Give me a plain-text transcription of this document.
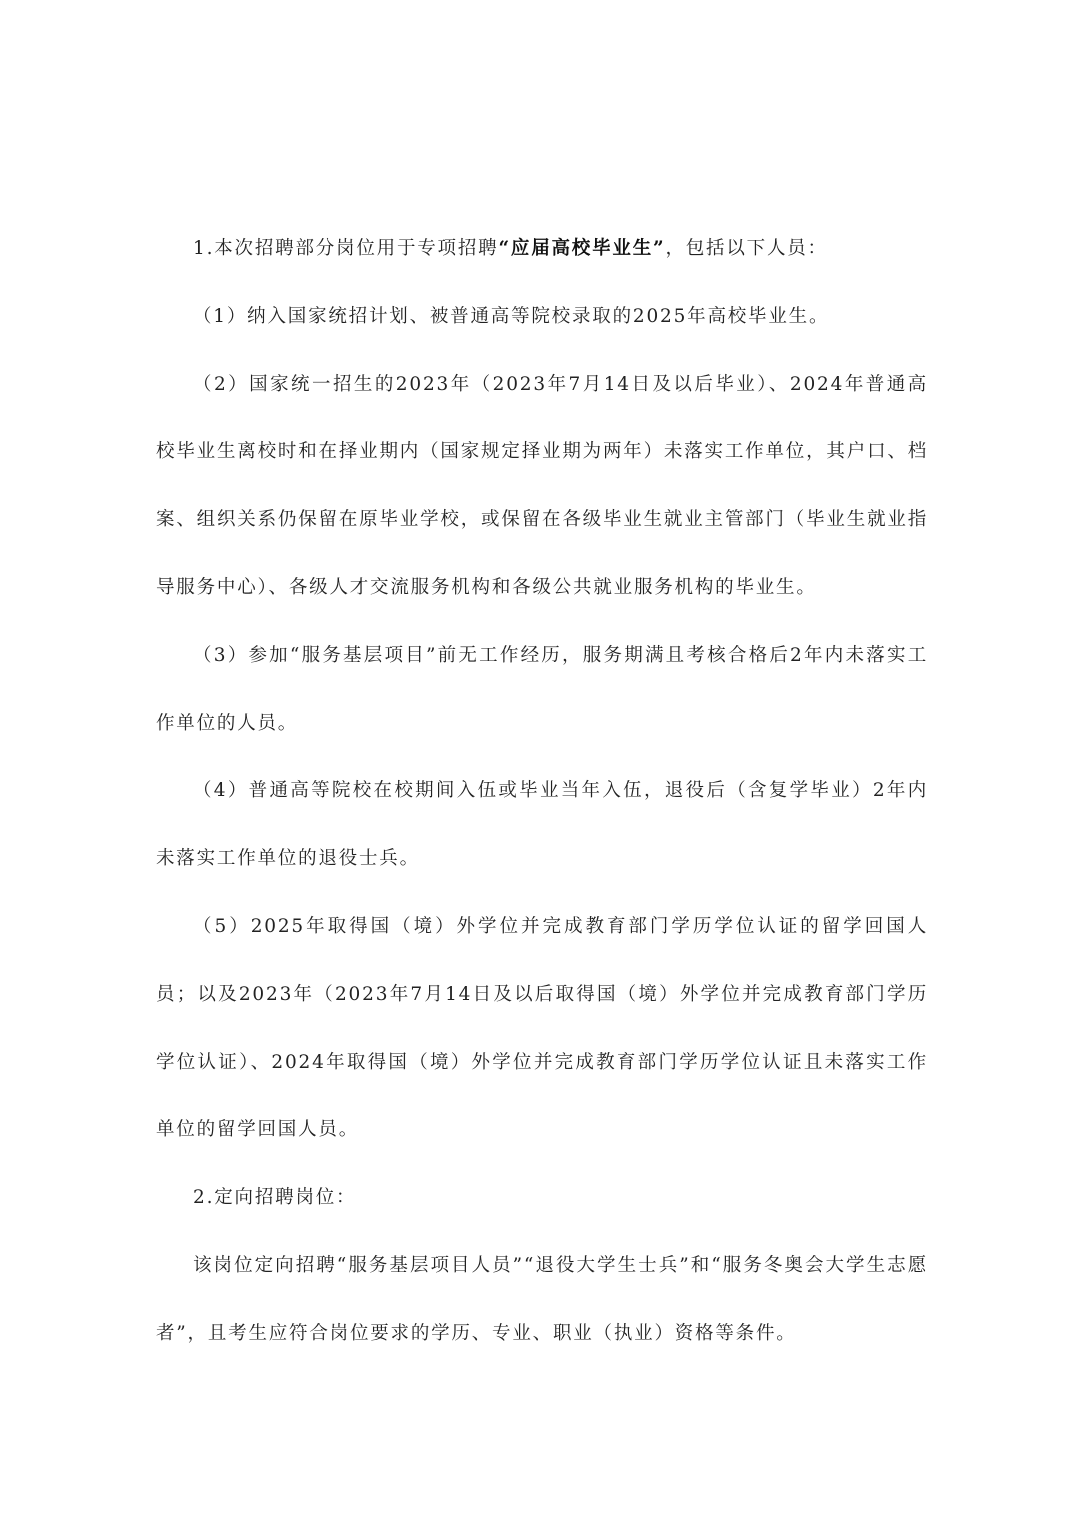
1.本次招聘部分岗位用于专项招聘“应届高校毕业生”，包括以下人员：

（1）纳入国家统招计划、被普通高等院校录取的2025年高校毕业生。

（2）国家统一招生的2023年（2023年7月14日及以后毕业）、2024年普通高校毕业生离校时和在择业期内（国家规定择业期为两年）未落实工作单位，其户口、档案、组织关系仍保留在原毕业学校，或保留在各级毕业生就业主管部门（毕业生就业指导服务中心）、各级人才交流服务机构和各级公共就业服务机构的毕业生。

（3）参加“服务基层项目”前无工作经历，服务期满且考核合格后2年内未落实工作单位的人员。

（4）普通高等院校在校期间入伍或毕业当年入伍，退役后（含复学毕业）2年内未落实工作单位的退役士兵。

（5）2025年取得国（境）外学位并完成教育部门学历学位认证的留学回国人员；以及2023年（2023年7月14日及以后取得国（境）外学位并完成教育部门学历学位认证）、2024年取得国（境）外学位并完成教育部门学历学位认证且未落实工作单位的留学回国人员。

2.定向招聘岗位：

该岗位定向招聘“服务基层项目人员”“退役大学生士兵”和“服务冬奥会大学生志愿者”，且考生应符合岗位要求的学历、专业、职业（执业）资格等条件。
